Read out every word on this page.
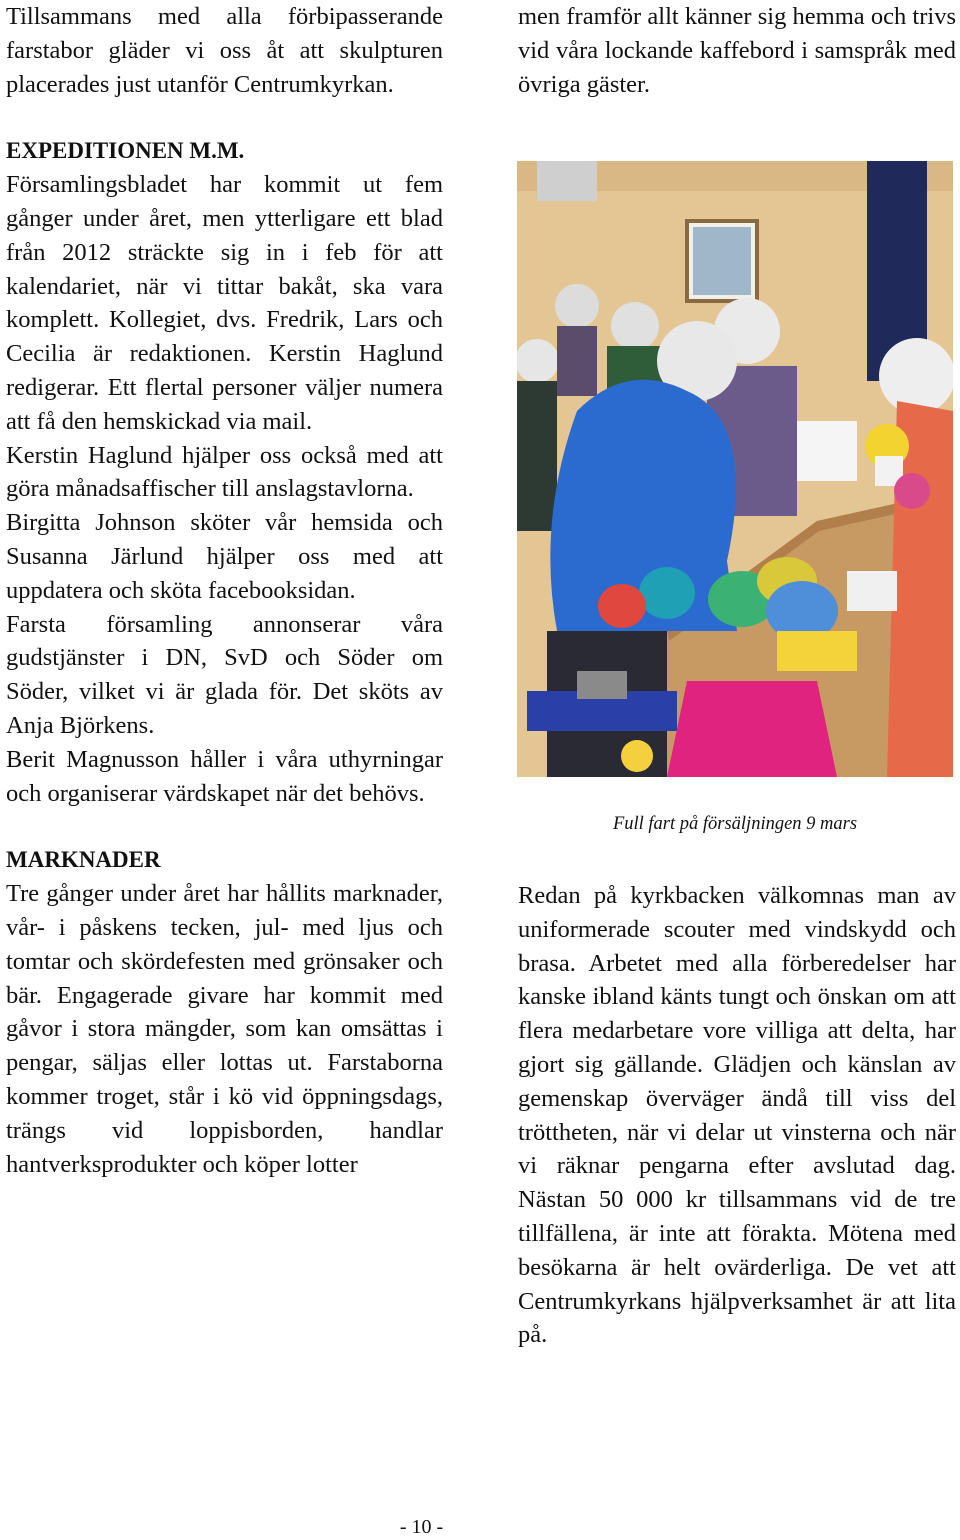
Tillsammans med alla förbipasserande farstabor gläder vi oss åt att skulpturen placerades just utanför Centrumkyrkan.

EXPEDITIONEN M.M.

Församlingsbladet har kommit ut fem gånger under året, men ytterligare ett blad från 2012 sträckte sig in i feb för att kalendariet, när vi tittar bakåt, ska vara komplett. Kollegiet, dvs. Fredrik, Lars och Cecilia är redaktionen. Kerstin Haglund redigerar. Ett flertal personer väljer numera att få den hemskickad via mail.

Kerstin Haglund hjälper oss också med att göra månadsaffischer till anslagstavlorna.

Birgitta Johnson sköter vår hemsida och Susanna Järlund hjälper oss med att uppdatera och sköta facebooksidan.

Farsta församling annonserar våra gudstjänster i DN, SvD och Söder om Söder, vilket vi är glada för. Det sköts av Anja Björkens.

Berit Magnusson håller i våra uthyrningar och organiserar värdskapet när det behövs.

MARKNADER

Tre gånger under året har hållits marknader, vår- i påskens tecken, jul- med ljus och tomtar och skördefesten med grönsaker och bär. Engagerade givare har kommit med gåvor i stora mängder, som kan omsättas i pengar, säljas eller lottas ut. Farstaborna kommer troget, står i kö vid öppningsdags, trängs vid loppisborden, handlar hantverksprodukter och köper lotter

men framför allt känner sig hemma och trivs vid våra lockande kaffebord i samspråk med övriga gäster.

Full fart på försäljningen 9 mars

Redan på kyrkbacken välkomnas man av uniformerade scouter med vindskydd och brasa. Arbetet med alla förberedelser har kanske ibland känts tungt och önskan om att flera medarbetare vore villiga att delta, har gjort sig gällande. Glädjen och känslan av gemenskap överväger ändå till viss del tröttheten, när vi delar ut vinsterna och när vi räknar pengarna efter avslutad dag. Nästan 50 000 kr tillsammans vid de tre tillfällena, är inte att förakta. Mötena med besökarna är helt ovärderliga. De vet att Centrumkyrkans hjälpverksamhet är att lita på.

- 10 -
